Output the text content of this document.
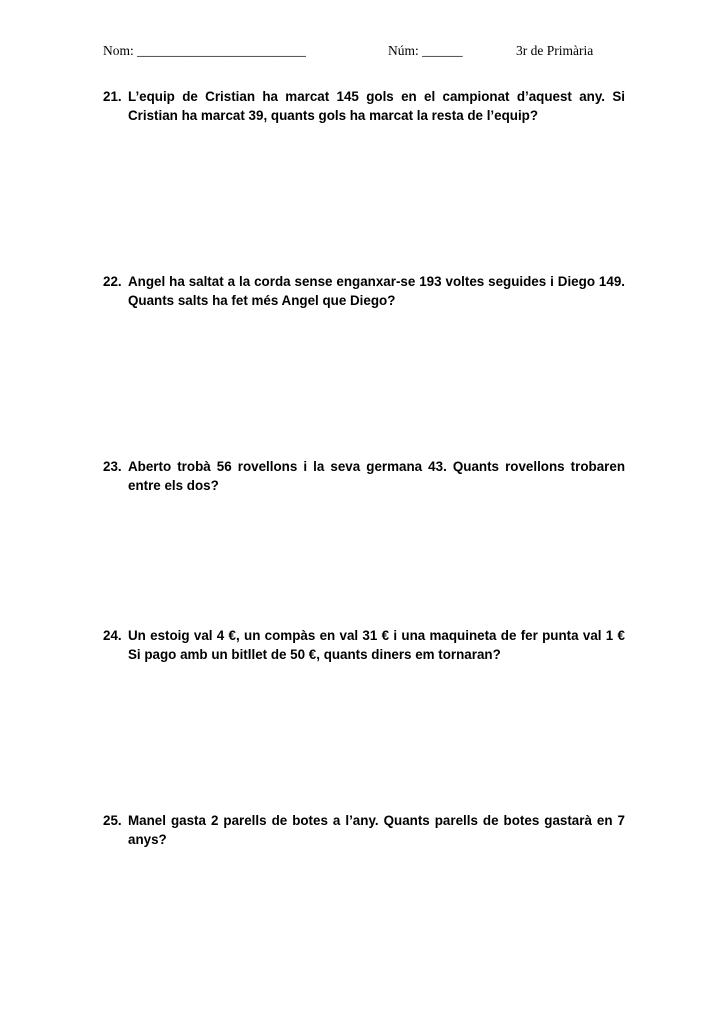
Nom: _________________________	Núm: ______	3r de Primària
21. L’equip de Cristian ha marcat 145 gols en el campionat d’aquest any. Si Cristian ha marcat 39, quants gols ha marcat la resta de l’equip?
22. Angel ha saltat a la corda sense enganxar-se 193 voltes seguides i Diego 149. Quants salts ha fet més Angel que Diego?
23. Aberto trobà 56 rovellons i la seva germana 43. Quants rovellons trobaren entre els dos?
24. Un estoig val 4 €, un compàs en val 31 € i una maquineta de fer punta val 1 € Si pago amb un bitllet de 50 €, quants diners em tornaran?
25. Manel gasta 2 parells de botes a l’any. Quants parells de botes gastarà en 7 anys?
